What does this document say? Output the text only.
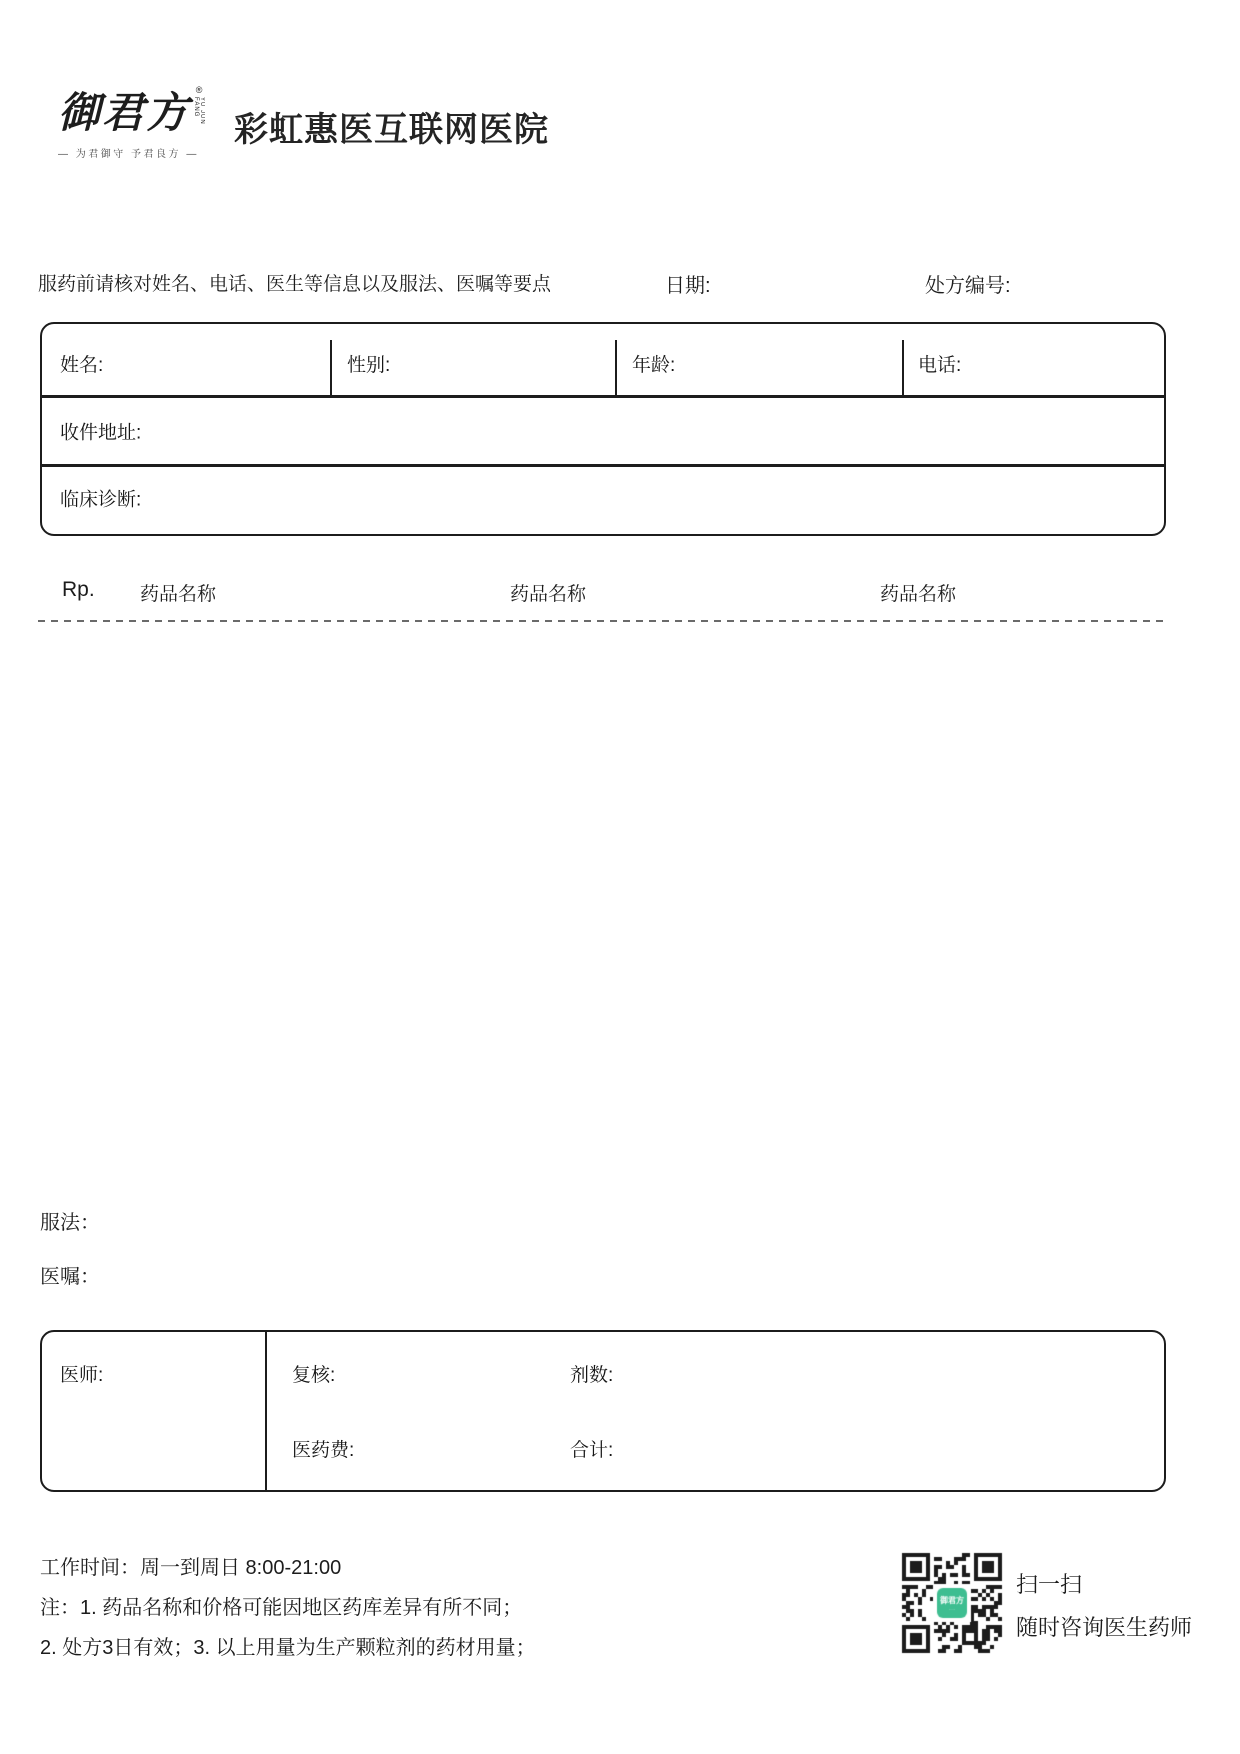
御君方 ®
YU JUN FANG
— 为君御守 予君良方 —
彩虹惠医互联网医院
服药前请核对姓名、电话、医生等信息以及服法、医嘱等要点	日期:	处方编号:
姓名:	性别:	年龄:	电话:
收件地址:
临床诊断:
Rp. 药品名称	药品名称	药品名称
服法：
医嘱：
医师:	复核:	剂数:
医药费:	合计:
工作时间：周一到周日 8:00-21:00
注：1. 药品名称和价格可能因地区药库差异有所不同；
2. 处方3日有效；3. 以上用量为生产颗粒剂的药材用量；
扫一扫
随时咨询医生药师
